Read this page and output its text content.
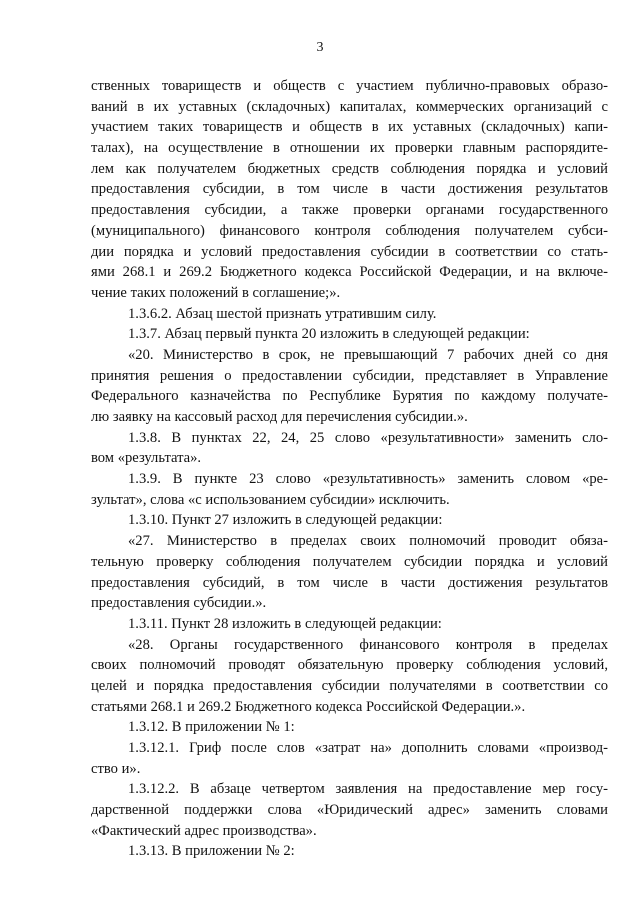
3
ственных товариществ и обществ с участием публично-правовых образо-
ваний в их уставных (складочных) капиталах, коммерческих организаций с
участием таких товариществ и обществ в их уставных (складочных) капи-
талах), на осуществление в отношении их проверки главным распорядите-
лем как получателем бюджетных средств соблюдения порядка и условий
предоставления субсидии, в том числе в части достижения результатов
предоставления субсидии, а также проверки органами государственного
(муниципального) финансового контроля соблюдения получателем субси-
дии порядка и условий предоставления субсидии в соответствии со стать-
ями 268.1 и 269.2 Бюджетного кодекса Российской Федерации, и на включе-
чение таких положений в соглашение;».
1.3.6.2. Абзац шестой признать утратившим силу.
1.3.7. Абзац первый пункта 20 изложить в следующей редакции:
«20. Министерство в срок, не превышающий 7 рабочих дней со дня
принятия решения о предоставлении субсидии, представляет в Управление
Федерального казначейства по Республике Бурятия по каждому получате-
лю заявку на кассовый расход для перечисления субсидии.».
1.3.8. В пунктах 22, 24, 25 слово «результативности» заменить сло-
вом «результата».
1.3.9. В пункте 23 слово «результативность» заменить словом «ре-
зультат», слова «с использованием субсидии» исключить.
1.3.10. Пункт 27 изложить в следующей редакции:
«27. Министерство в пределах своих полномочий проводит обяза-
тельную проверку соблюдения получателем субсидии порядка и условий
предоставления субсидий, в том числе в части достижения результатов
предоставления субсидии.».
1.3.11. Пункт 28 изложить в следующей редакции:
«28. Органы государственного финансового контроля в пределах
своих полномочий проводят обязательную проверку соблюдения условий,
целей и порядка предоставления субсидии получателями в соответствии со
статьями 268.1 и 269.2 Бюджетного кодекса Российской Федерации.».
1.3.12. В приложении № 1:
1.3.12.1. Гриф после слов «затрат на» дополнить словами «производ-
ство и».
1.3.12.2. В абзаце четвертом заявления на предоставление мер госу-
дарственной поддержки слова «Юридический адрес» заменить словами
«Фактический адрес производства».
1.3.13. В приложении № 2:
